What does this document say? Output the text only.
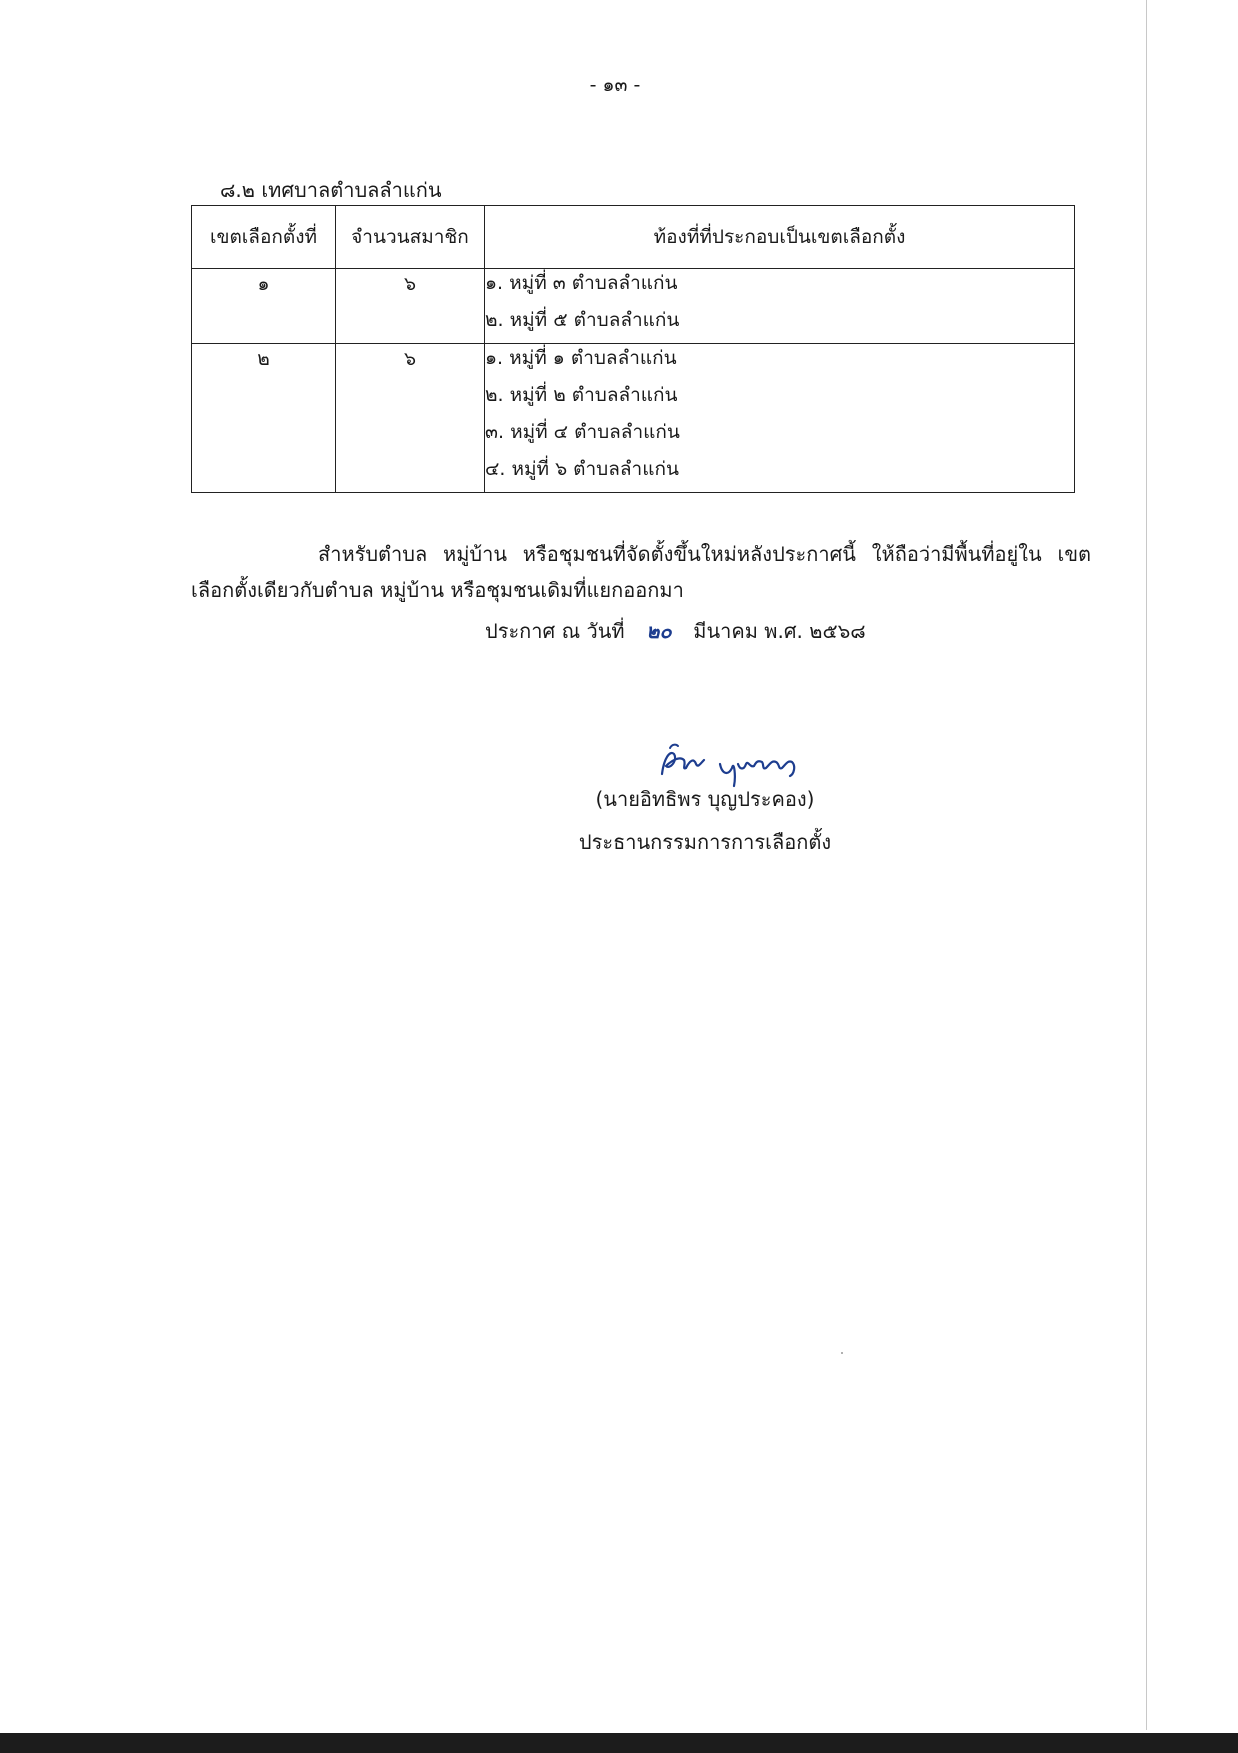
- ๑๓ -
๘.๒ เทศบาลตำบลลำแก่น
เขตเลือกตั้งที่	จำนวนสมาชิก	ท้องที่ที่ประกอบเป็นเขตเลือกตั้ง
๑	๖	๑. หมู่ที่ ๓ ตำบลลำแก่น
๒. หมู่ที่ ๕ ตำบลลำแก่น

๒	๖	๑. หมู่ที่ ๑ ตำบลลำแก่น
๒. หมู่ที่ ๒ ตำบลลำแก่น
๓. หมู่ที่ ๔ ตำบลลำแก่น
๔. หมู่ที่ ๖ ตำบลลำแก่น

สำหรับตำบล หมู่บ้าน หรือชุมชนที่จัดตั้งขึ้นใหม่หลังประกาศนี้ ให้ถือว่ามีพื้นที่อยู่ใน เขตเลือกตั้งเดียวกับตำบล หมู่บ้าน หรือชุมชนเดิมที่แยกออกมา

ประกาศ ณ วันที่ ๒๐ มีนาคม พ.ศ. ๒๕๖๘
(นายอิทธิพร บุญประคอง)
ประธานกรรมการการเลือกตั้ง
